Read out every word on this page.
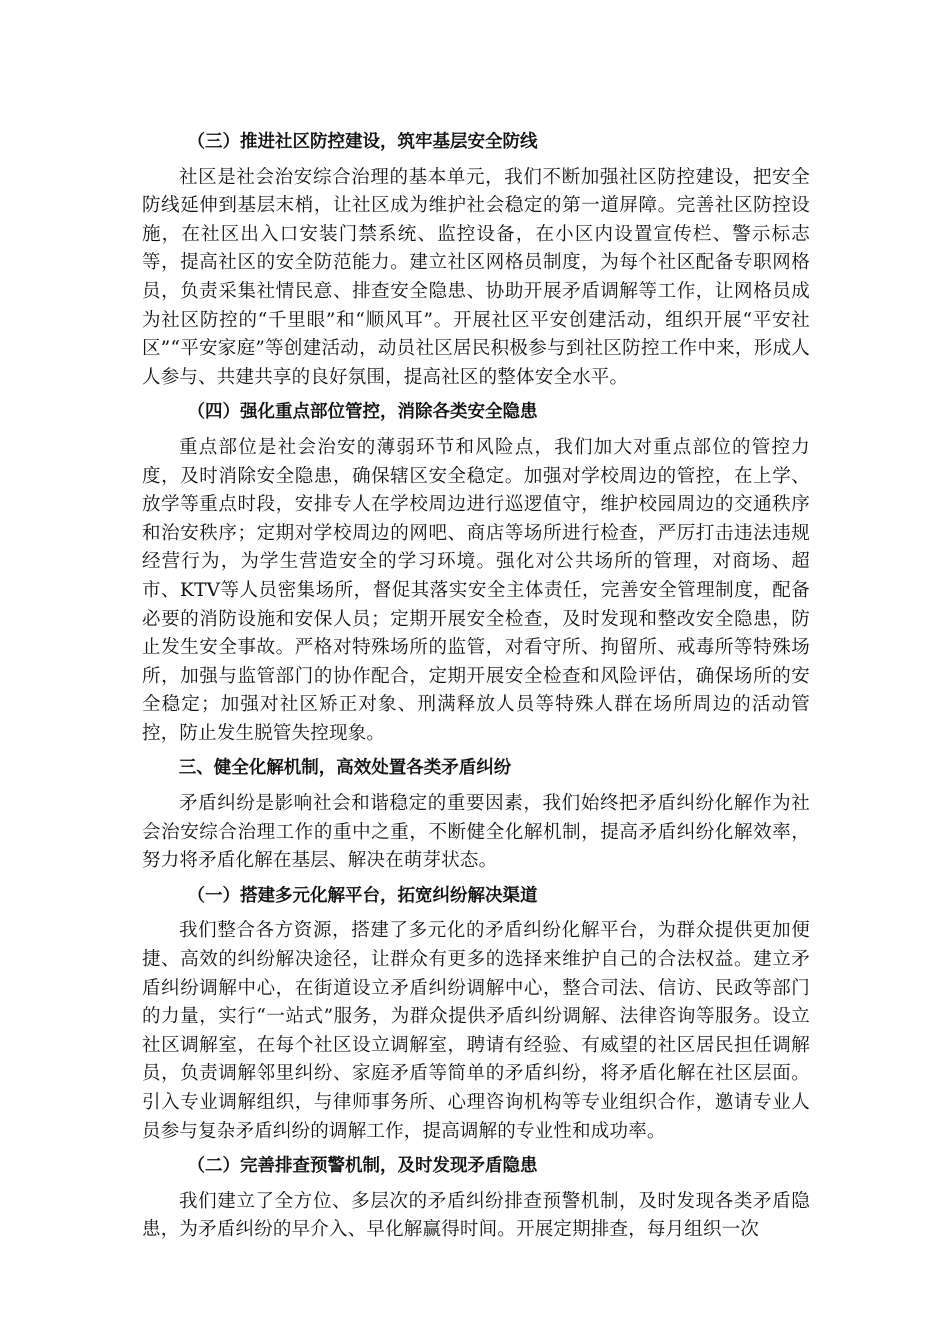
（三）推进社区防控建设，筑牢基层安全防线
社区是社会治安综合治理的基本单元，我们不断加强社区防控建设，把安全防线延伸到基层末梢，让社区成为维护社会稳定的第一道屏障。完善社区防控设施，在社区出入口安装门禁系统、监控设备，在小区内设置宣传栏、警示标志等，提高社区的安全防范能力。建立社区网格员制度，为每个社区配备专职网格员，负责采集社情民意、排查安全隐患、协助开展矛盾调解等工作，让网格员成为社区防控的“千里眼”和“顺风耳”。开展社区平安创建活动，组织开展“平安社区”“平安家庭”等创建活动，动员社区居民积极参与到社区防控工作中来，形成人人参与、共建共享的良好氛围，提高社区的整体安全水平。
（四）强化重点部位管控，消除各类安全隐患
重点部位是社会治安的薄弱环节和风险点，我们加大对重点部位的管控力度，及时消除安全隐患，确保辖区安全稳定。加强对学校周边的管控，在上学、放学等重点时段，安排专人在学校周边进行巡逻值守，维护校园周边的交通秩序和治安秩序；定期对学校周边的网吧、商店等场所进行检查，严厉打击违法违规经营行为，为学生营造安全的学习环境。强化对公共场所的管理，对商场、超市、KTV等人员密集场所，督促其落实安全主体责任，完善安全管理制度，配备必要的消防设施和安保人员；定期开展安全检查，及时发现和整改安全隐患，防止发生安全事故。严格对特殊场所的监管，对看守所、拘留所、戒毒所等特殊场所，加强与监管部门的协作配合，定期开展安全检查和风险评估，确保场所的安全稳定；加强对社区矫正对象、刑满释放人员等特殊人群在场所周边的活动管控，防止发生脱管失控现象。
三、健全化解机制，高效处置各类矛盾纠纷
矛盾纠纷是影响社会和谐稳定的重要因素，我们始终把矛盾纠纷化解作为社会治安综合治理工作的重中之重，不断健全化解机制，提高矛盾纠纷化解效率，努力将矛盾化解在基层、解决在萌芽状态。
（一）搭建多元化解平台，拓宽纠纷解决渠道
我们整合各方资源，搭建了多元化的矛盾纠纷化解平台，为群众提供更加便捷、高效的纠纷解决途径，让群众有更多的选择来维护自己的合法权益。建立矛盾纠纷调解中心，在街道设立矛盾纠纷调解中心，整合司法、信访、民政等部门的力量，实行“一站式”服务，为群众提供矛盾纠纷调解、法律咨询等服务。设立社区调解室，在每个社区设立调解室，聘请有经验、有威望的社区居民担任调解员，负责调解邻里纠纷、家庭矛盾等简单的矛盾纠纷，将矛盾化解在社区层面。引入专业调解组织，与律师事务所、心理咨询机构等专业组织合作，邀请专业人员参与复杂矛盾纠纷的调解工作，提高调解的专业性和成功率。
（二）完善排查预警机制，及时发现矛盾隐患
我们建立了全方位、多层次的矛盾纠纷排查预警机制，及时发现各类矛盾隐患，为矛盾纠纷的早介入、早化解赢得时间。开展定期排查，每月组织一次
